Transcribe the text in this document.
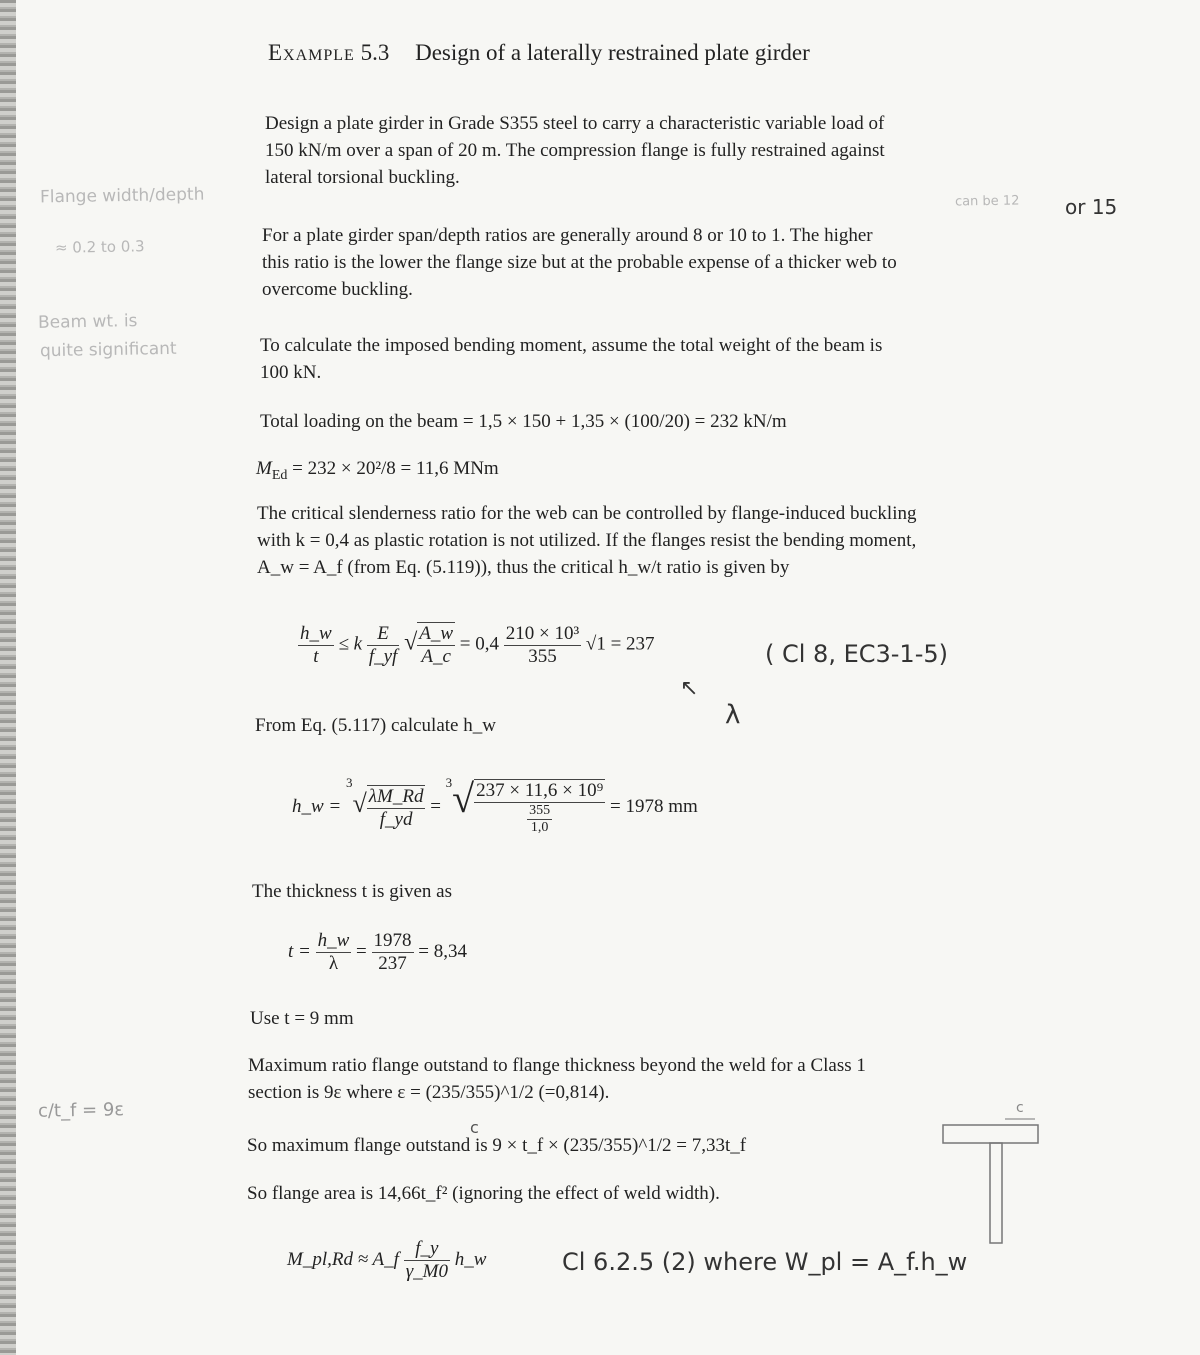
Example 5.3 Design of a laterally restrained plate girder
Design a plate girder in Grade S355 steel to carry a characteristic variable load of
150 kN/m over a span of 20 m. The compression flange is fully restrained against
lateral torsional buckling.
Flange width/depth
≈ 0.2 to 0.3
can be 12 or 15
For a plate girder span/depth ratios are generally around 8 or 10 to 1. The higher
this ratio is the lower the flange size but at the probable expense of a thicker web to
overcome buckling.
Beam wt. is
quite significant	To calculate the imposed bending moment, assume the total weight of the beam is
100 kN.
Total loading on the beam = 1,5 × 150 + 1,35 × (100/20) = 232 kN/m
$M_{Ed} = 232 \times 20^2/8 = 11,6$ MNm
The critical slenderness ratio for the web can be controlled by flange-induced buckling
with k = 0,4 as plastic rotation is not utilized. If the flanges resist the bending moment,
A_w = A_f (from Eq. (5.119)), thus the critical h_w/t ratio is given by
$\frac{h\_w}{t} \le k \frac{E}{f\_yf}$ √ $\frac{A\_w}{A\_c} = 0,4 \frac{\text{210 × 10³}}{355} √1 = 237$	( Cl 8, EC3-1-5)
↖
λ
From Eq. (5.117) calculate h_w
h_w = $^3√ \frac{\lambda M\_Rd}{f\_yd} = ^3√ \frac{\text{237 × 11,6 × 10⁹}}{\frac{355}{1,0}} = 1978$ mm
The thickness t is given as
$t = \frac{h\_w}{\lambda} = \frac{1978}{237} = 8,34$
Use t = 9 mm
Maximum ratio flange outstand to flange thickness beyond the weld for a Class 1
section is 9ε where ε = (235/355)^1/2 (=0,814).
c/t_f = 9ε
c
So maximum flange outstand is 9 × t_f × (235/355)^1/2 = 7,33t_f
So flange area is 14,66t_f² (ignoring the effect of weld width).
c
M_pl,Rd ≈ A_f $\frac{f\_y}{\gamma\_M0}$ h_w	Cl 6.2.5 (2) where W_pl = A_f.h_w
